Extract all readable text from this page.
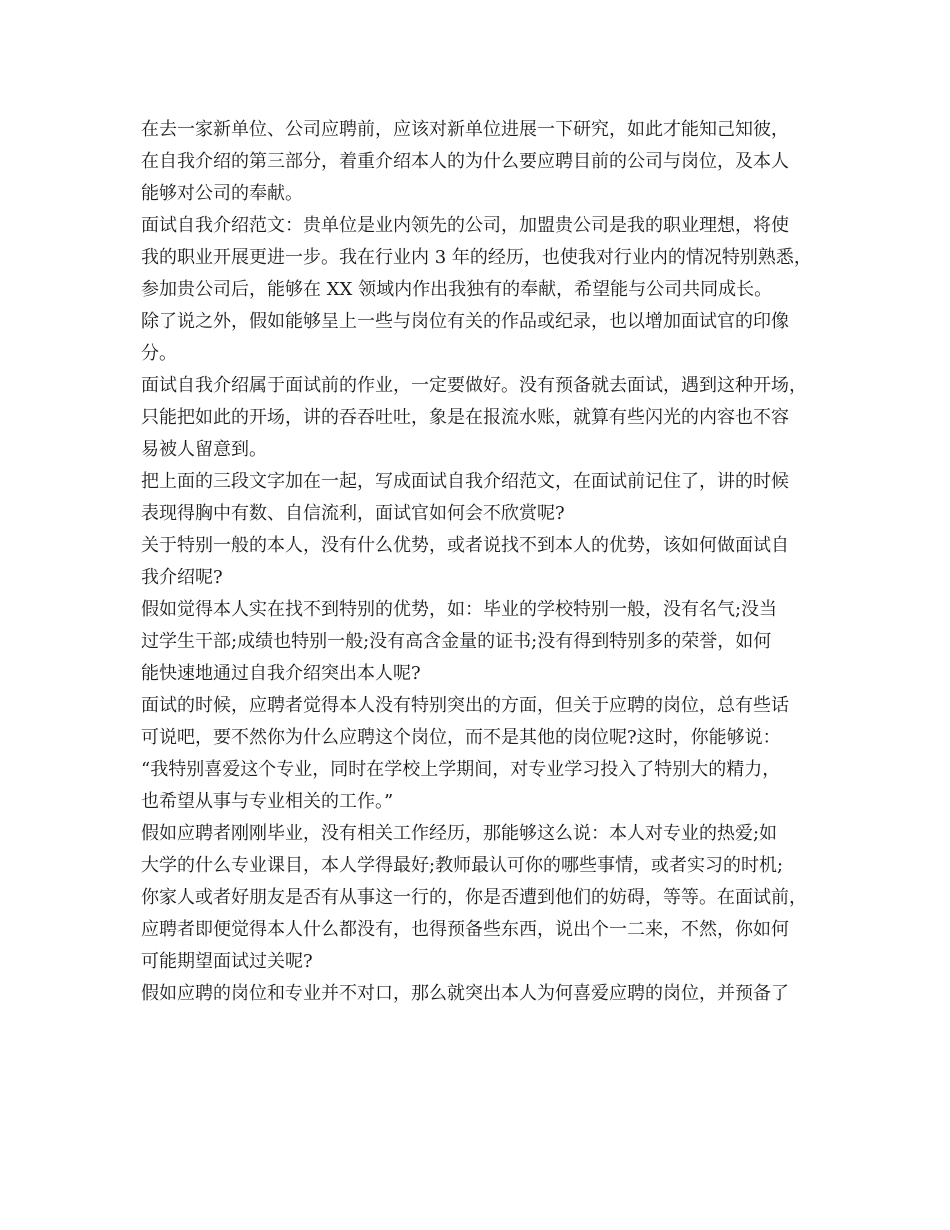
在去一家新单位、公司应聘前，应该对新单位进展一下研究，如此才能知己知彼，
在自我介绍的第三部分，着重介绍本人的为什么要应聘目前的公司与岗位，及本人
能够对公司的奉献。
面试自我介绍范文：贵单位是业内领先的公司，加盟贵公司是我的职业理想，将使
我的职业开展更进一步。我在行业内 3 年的经历，也使我对行业内的情况特别熟悉，
参加贵公司后，能够在 XX 领域内作出我独有的奉献，希望能与公司共同成长。
除了说之外，假如能够呈上一些与岗位有关的作品或纪录，也以增加面试官的印像
分。
面试自我介绍属于面试前的作业，一定要做好。没有预备就去面试，遇到这种开场，
只能把如此的开场，讲的吞吞吐吐，象是在报流水账，就算有些闪光的内容也不容
易被人留意到。
把上面的三段文字加在一起，写成面试自我介绍范文，在面试前记住了，讲的时候
表现得胸中有数、自信流利，面试官如何会不欣赏呢?
关于特别一般的本人，没有什么优势，或者说找不到本人的优势，该如何做面试自
我介绍呢?
假如觉得本人实在找不到特别的优势，如：毕业的学校特别一般，没有名气;没当
过学生干部;成绩也特别一般;没有高含金量的证书;没有得到特别多的荣誉，如何
能快速地通过自我介绍突出本人呢?
面试的时候，应聘者觉得本人没有特别突出的方面，但关于应聘的岗位，总有些话
可说吧，要不然你为什么应聘这个岗位，而不是其他的岗位呢?这时，你能够说：
“我特别喜爱这个专业，同时在学校上学期间，对专业学习投入了特别大的精力，
也希望从事与专业相关的工作。”
假如应聘者刚刚毕业，没有相关工作经历，那能够这么说：本人对专业的热爱;如
大学的什么专业课目，本人学得最好;教师最认可你的哪些事情，或者实习的时机;
你家人或者好朋友是否有从事这一行的，你是否遭到他们的妨碍，等等。在面试前，
应聘者即便觉得本人什么都没有，也得预备些东西，说出个一二来，不然，你如何
可能期望面试过关呢?
假如应聘的岗位和专业并不对口，那么就突出本人为何喜爱应聘的岗位，并预备了
